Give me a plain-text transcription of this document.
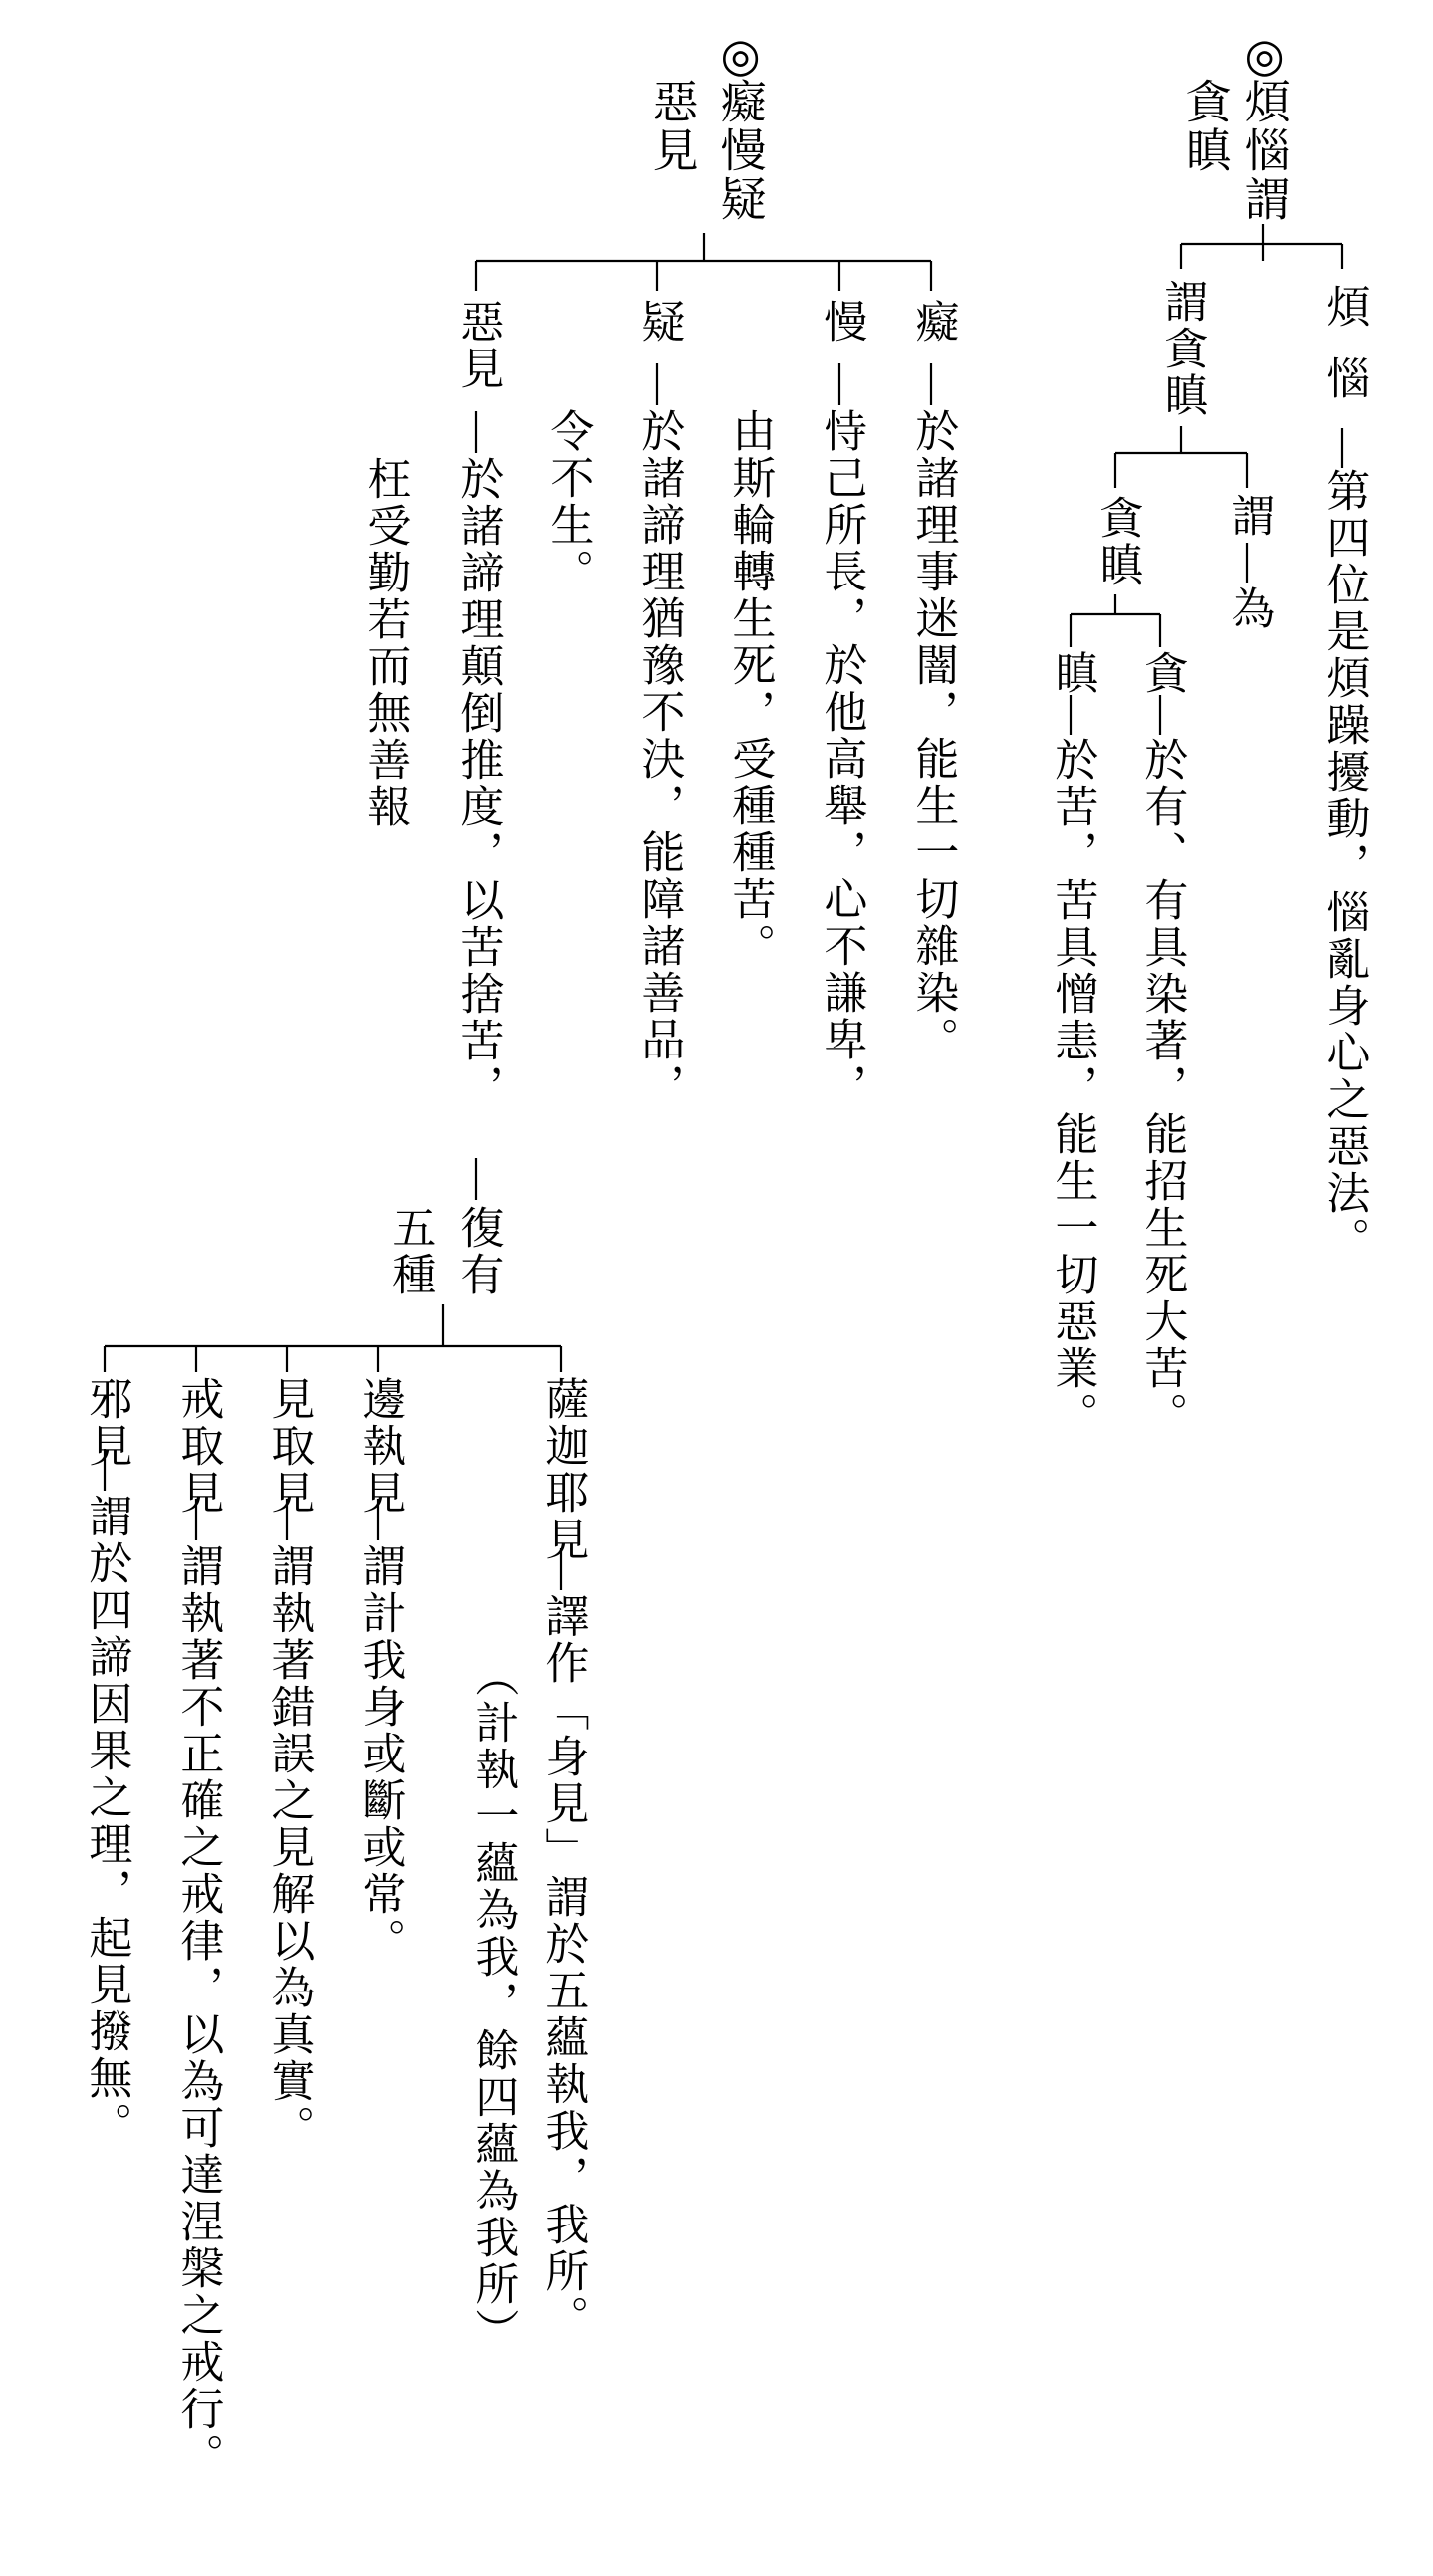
◎
煩惱謂
貪瞋
煩惱
第四位是煩躁擾動，惱亂身心之惡法。
謂貪瞋
謂
為
貪瞋
貪
於有、有具染著，能招生死大苦。
瞋
於苦，苦具憎恚，能生一切惡業。
◎
癡慢疑
惡見
癡
於諸理事迷闇，能生一切雜染。
由斯輪轉生死，受種種苦。
慢
恃己所長，於他高舉，心不謙卑，
疑
於諸諦理猶豫不決，能障諸善品，
令不生。
惡見
於諸諦理顛倒推度，以苦捨苦，
枉受勤若而無善報
復有
五種
薩迦耶見
譯作「身見」謂於五蘊執我，我所。
（計執一蘊為我，餘四蘊為我所）
邊執見
謂計我身或斷或常。
見取見
謂執著錯誤之見解以為真實。
戒取見
謂執著不正確之戒律，以為可達涅槃之戒行。
邪見
謂於四諦因果之理，起見撥無。
